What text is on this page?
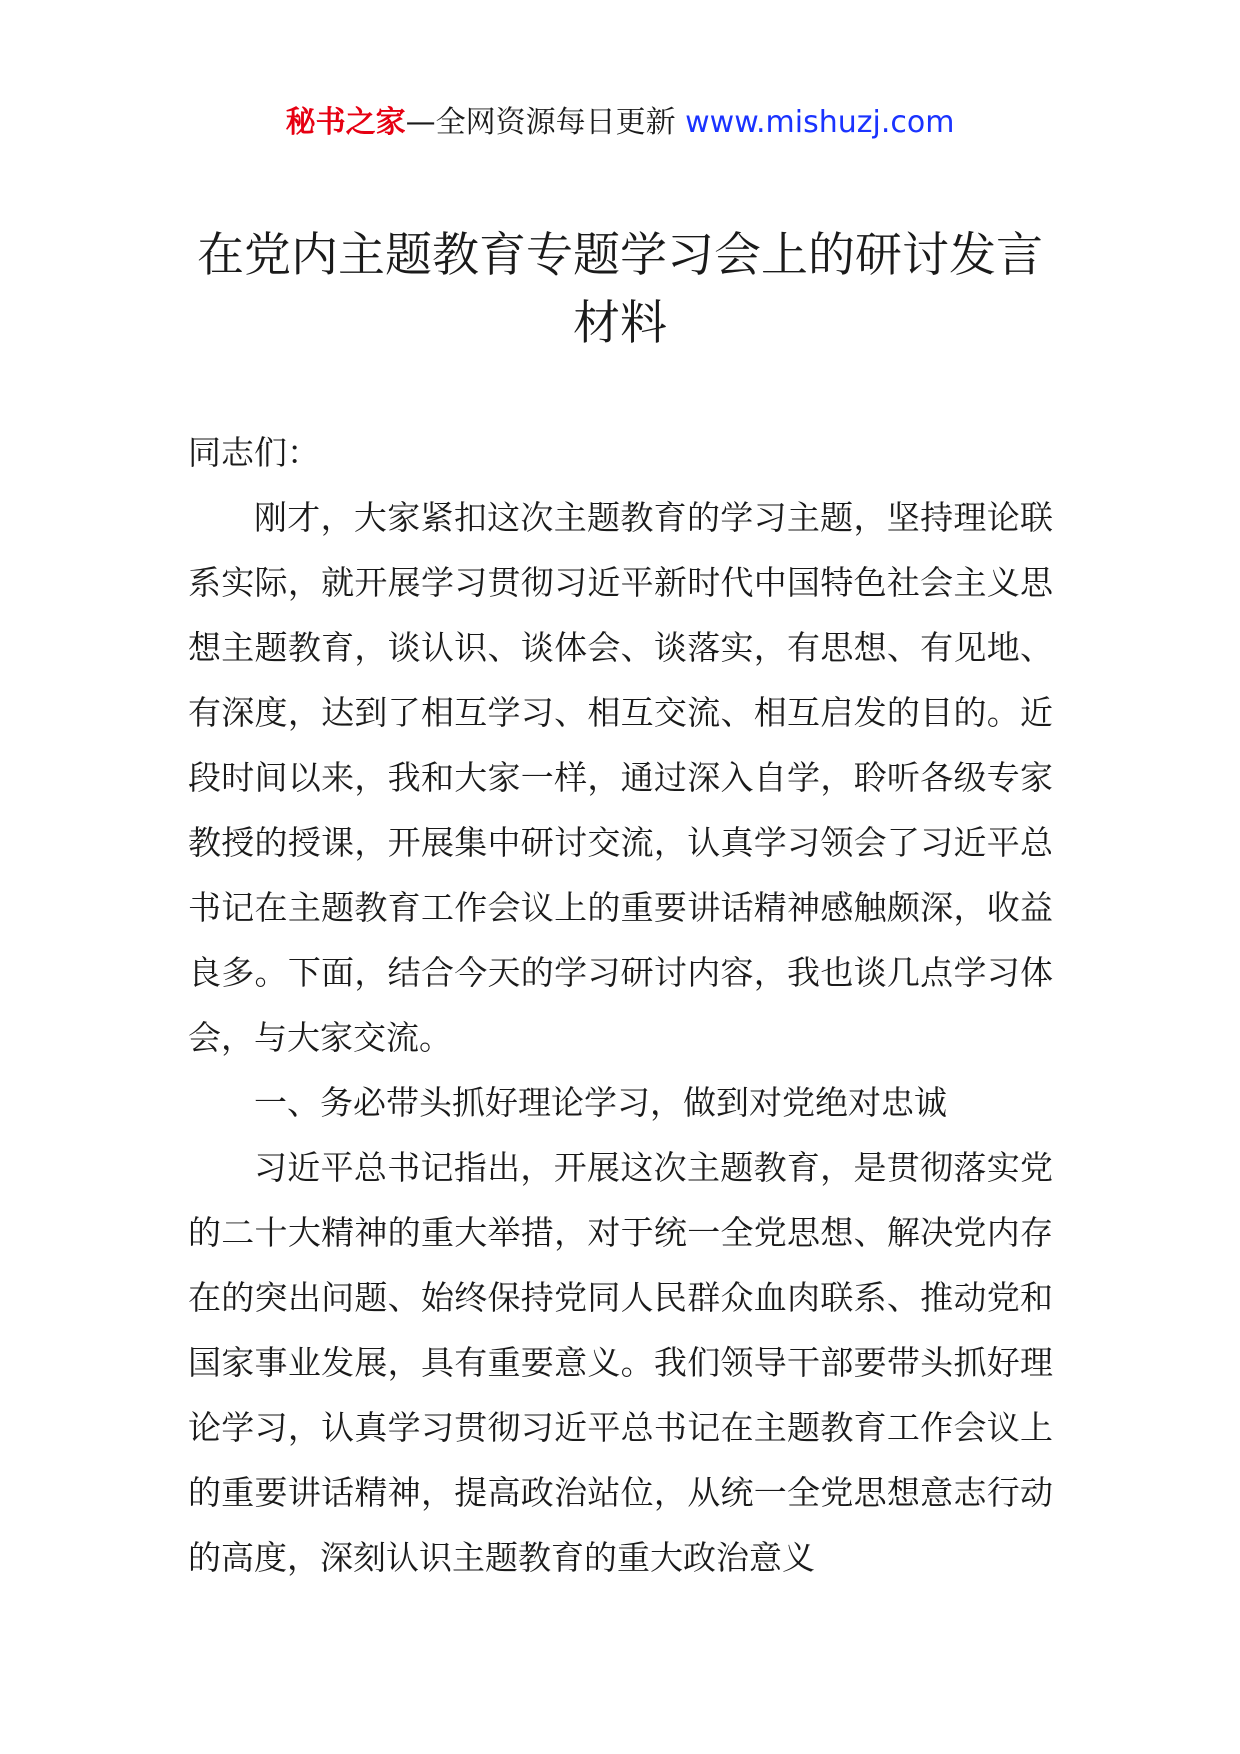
秘书之家—全网资源每日更新 www.mishuzj.com
在党内主题教育专题学习会上的研讨发言材料

同志们：

刚才，大家紧扣这次主题教育的学习主题，坚持理论联系实际，就开展学习贯彻习近平新时代中国特色社会主义思想主题教育，谈认识、谈体会、谈落实，有思想、有见地、有深度，达到了相互学习、相互交流、相互启发的目的。近段时间以来，我和大家一样，通过深入自学，聆听各级专家教授的授课，开展集中研讨交流，认真学习领会了习近平总书记在主题教育工作会议上的重要讲话精神感触颇深，收益良多。下面，结合今天的学习研讨内容，我也谈几点学习体会，与大家交流。

一、务必带头抓好理论学习，做到对党绝对忠诚

习近平总书记指出，开展这次主题教育，是贯彻落实党的二十大精神的重大举措，对于统一全党思想、解决党内存在的突出问题、始终保持党同人民群众血肉联系、推动党和国家事业发展，具有重要意义。我们领导干部要带头抓好理论学习，认真学习贯彻习近平总书记在主题教育工作会议上的重要讲话精神，提高政治站位，从统一全党思想意志行动的高度，深刻认识主题教育的重大政治意义
